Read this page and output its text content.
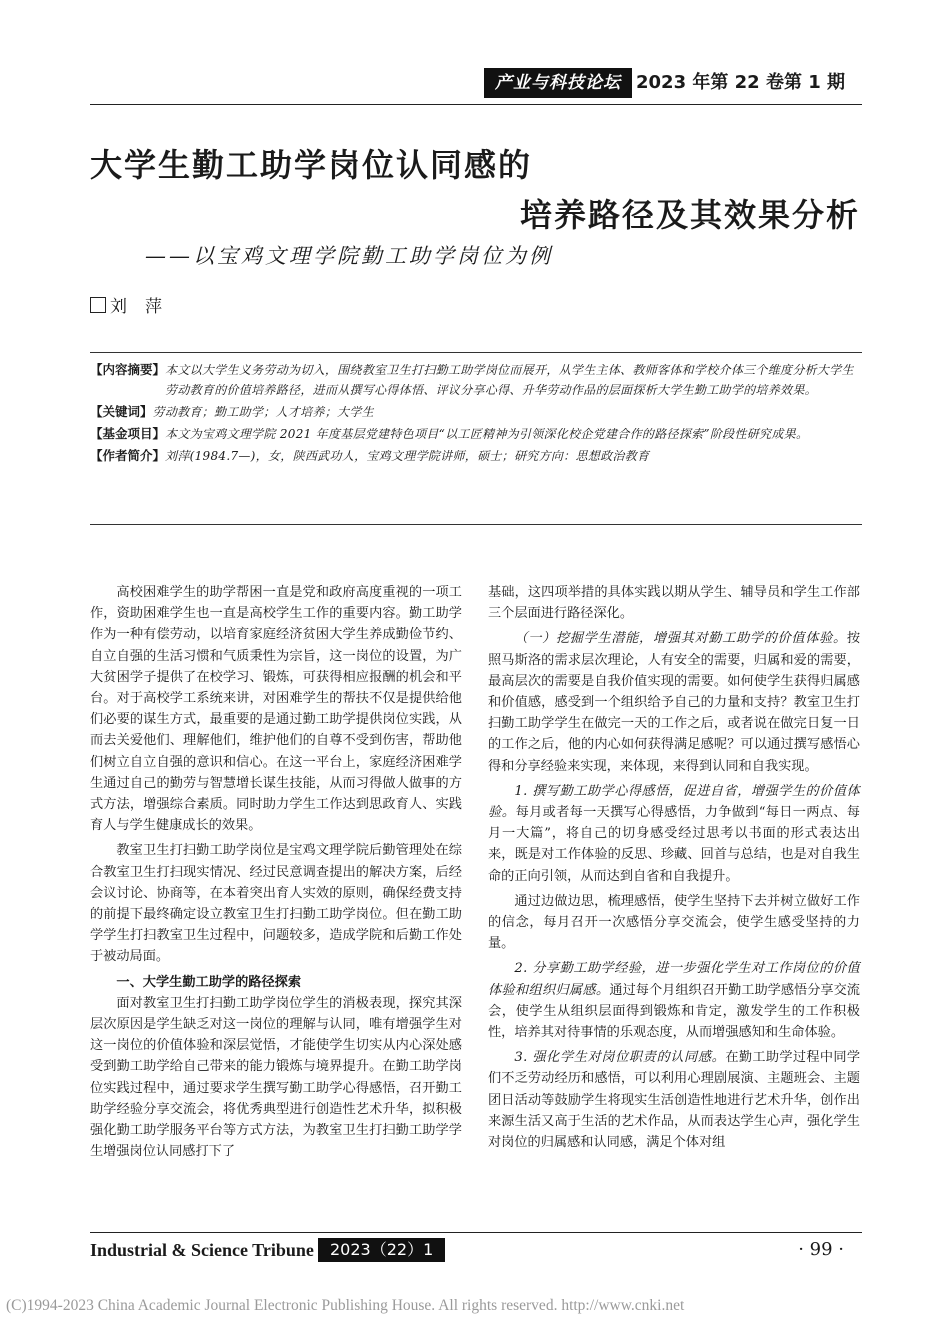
产业与科技论坛 2023 年第 22 卷第 1 期
大学生勤工助学岗位认同感的
培养路径及其效果分析
——以宝鸡文理学院勤工助学岗位为例
刘萍
【内容摘要】 本文以大学生义务劳动为切入，围绕教室卫生打扫勤工助学岗位而展开，从学生主体、教师客体和学校介体三个维度分析大学生劳动教育的价值培养路径，进而从撰写心得体悟、评议分享心得、升华劳动作品的层面探析大学生勤工助学的培养效果。
【关键词】 劳动教育；勤工助学；人才培养；大学生
【基金项目】 本文为宝鸡文理学院 2021 年度基层党建特色项目“以工匠精神为引领深化校企党建合作的路径探索”阶段性研究成果。
【作者简介】 刘萍(1984.7—)，女，陕西武功人，宝鸡文理学院讲师，硕士；研究方向：思想政治教育

高校困难学生的助学帮困一直是党和政府高度重视的一项工作，资助困难学生也一直是高校学生工作的重要内容。勤工助学作为一种有偿劳动，以培育家庭经济贫困大学生养成勤俭节约、自立自强的生活习惯和气质秉性为宗旨，这一岗位的设置，为广大贫困学子提供了在校学习、锻炼，可获得相应报酬的机会和平台。对于高校学工系统来讲，对困难学生的帮扶不仅是提供给他们必要的谋生方式，最重要的是通过勤工助学提供岗位实践，从而去关爱他们、理解他们，维护他们的自尊不受到伤害，帮助他们树立自立自强的意识和信心。在这一平台上，家庭经济困难学生通过自己的勤劳与智慧增长谋生技能，从而习得做人做事的方式方法，增强综合素质。同时助力学生工作达到思政育人、实践育人与学生健康成长的效果。

教室卫生打扫勤工助学岗位是宝鸡文理学院后勤管理处在综合教室卫生打扫现实情况、经过民意调查提出的解决方案，后经会议讨论、协商等，在本着突出育人实效的原则，确保经费支持的前提下最终确定设立教室卫生打扫勤工助学岗位。但在勤工助学学生打扫教室卫生过程中，问题较多，造成学院和后勤工作处于被动局面。

一、大学生勤工助学的路径探索

面对教室卫生打扫勤工助学岗位学生的消极表现，探究其深层次原因是学生缺乏对这一岗位的理解与认同，唯有增强学生对这一岗位的价值体验和深层觉悟，才能使学生切实从内心深处感受到勤工助学给自己带来的能力锻炼与境界提升。在勤工助学岗位实践过程中，通过要求学生撰写勤工助学心得感悟，召开勤工助学经验分享交流会，将优秀典型进行创造性艺术升华，拟积极强化勤工助学服务平台等方式方法，为教室卫生打扫勤工助学学生增强岗位认同感打下了

基础，这四项举措的具体实践以期从学生、辅导员和学生工作部三个层面进行路径深化。

（一）挖掘学生潜能，增强其对勤工助学的价值体验。按照马斯洛的需求层次理论，人有安全的需要，归属和爱的需要，最高层次的需要是自我价值实现的需要。如何使学生获得归属感和价值感，感受到一个组织给予自己的力量和支持？教室卫生打扫勤工助学学生在做完一天的工作之后，或者说在做完日复一日的工作之后，他的内心如何获得满足感呢？可以通过撰写感悟心得和分享经验来实现，来体现，来得到认同和自我实现。

1. 撰写勤工助学心得感悟，促进自省，增强学生的价值体验。每月或者每一天撰写心得感悟，力争做到“每日一两点、每月一大篇”，将自己的切身感受经过思考以书面的形式表达出来，既是对工作体验的反思、珍藏、回首与总结，也是对自我生命的正向引领，从而达到自省和自我提升。

通过边做边思，梳理感悟，使学生坚持下去并树立做好工作的信念，每月召开一次感悟分享交流会，使学生感受坚持的力量。

2. 分享勤工助学经验，进一步强化学生对工作岗位的价值体验和组织归属感。通过每个月组织召开勤工助学感悟分享交流会，使学生从组织层面得到锻炼和肯定，激发学生的工作积极性，培养其对待事情的乐观态度，从而增强感知和生命体验。

3. 强化学生对岗位职责的认同感。在勤工助学过程中同学们不乏劳动经历和感悟，可以利用心理剧展演、主题班会、主题团日活动等鼓励学生将现实生活创造性地进行艺术升华，创作出来源生活又高于生活的艺术作品，从而表达学生心声，强化学生对岗位的归属感和认同感，满足个体对组

Industrial & Science Tribune	2023（22）1	· 99 ·
(C)1994-2023 China Academic Journal Electronic Publishing House. All rights reserved. http://www.cnki.net
